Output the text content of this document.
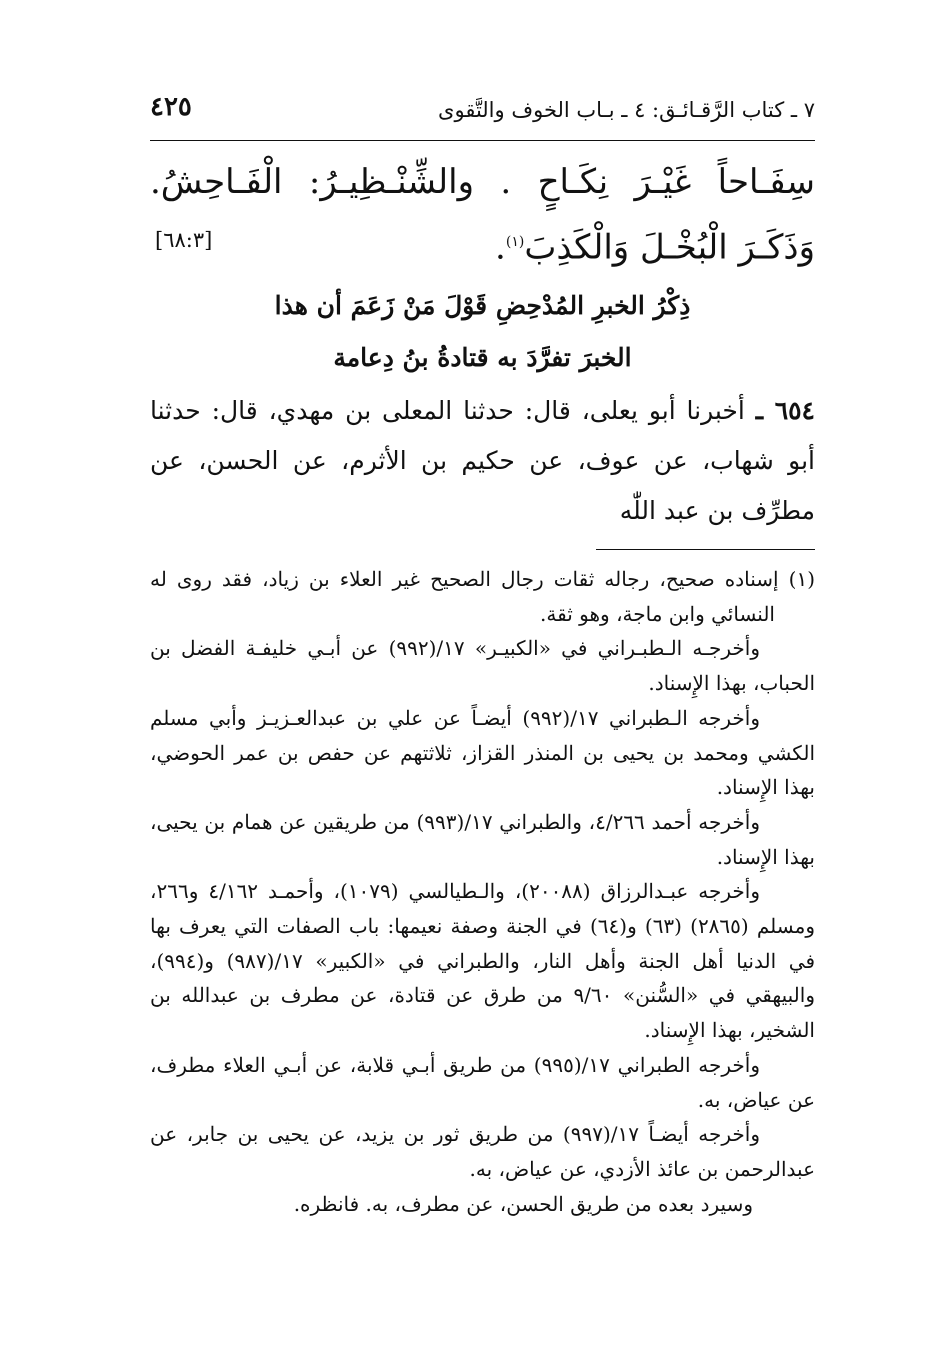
٤٢٥	٧ ـ كتاب الرَّقـائـق: ٤ ـ بـاب الخوف والتَّقوى
سِفَـاحاً غَيْـرَ نِكَـاحٍ . والشِّنْـظِيـرُ: الْفَـاحِشُ. وَذَكَـرَ الْبُخْـلَ وَالْكَذِبَ$^{(١)}$.
[٦٨:٣]
ذِكْرُ الخبرِ المُدْحِضِ قَوْلَ مَنْ زَعَمَ أن هذا
الخبرَ تفرَّدَ به قتادةُ بنُ دِعامة
٦٥٤ ـ أخبرنا أبو يعلى، قال: حدثنا المعلى بن مهدي، قال: حدثنا أبو شهاب، عن عوف، عن حكيم بن الأثرم، عن الحسن، عن مطرِّف بن عبد اللّٰه

(١) إسناده صحيح، رجاله ثقات رجال الصحيح غير العلاء بن زياد، فقد روى له النسائي وابن ماجة، وهو ثقة.

وأخرجـه الـطبـراني في «الكبيـر» ١٧/(٩٩٢) عن أبـي خليفـة الفضل بن الحباب، بهذا الإِسناد.

وأخرجه الـطبراني ١٧/(٩٩٢) أيضـاً عن علي بن عبدالعـزيـز وأبي مسلم الكشي ومحمد بن يحيى بن المنذر القزاز، ثلاثتهم عن حفص بن عمر الحوضي، بهذا الإِسناد.

وأخرجه أحمد ٤/٢٦٦، والطبراني ١٧/(٩٩٣) من طريقين عن همام بن يحيى، بهذا الإِسناد.

وأخرجه عبـدالرزاق (٢٠٠٨٨)، والـطيالسي (١٠٧٩)، وأحمـد ٤/١٦٢ و٢٦٦، ومسلم (٢٨٦٥) (٦٣) و(٦٤) في الجنة وصفة نعيمها: باب الصفات التي يعرف بها في الدنيا أهل الجنة وأهل النار، والطبراني في «الكبير» ١٧/(٩٨٧) و(٩٩٤)، والبيهقي في «السُّنن» ٩/٦٠ من طرق عن قتادة، عن مطرف بن عبدالله بن الشخير، بهذا الإِسناد.

وأخرجه الطبراني ١٧/(٩٩٥) من طريق أبـي قلابة، عن أبـي العلاء مطرف، عن عياض، به.

وأخرجه أيضـاً ١٧/(٩٩٧) من طريق ثور بن يزيد، عن يحيى بن جابر، عن عبدالرحمن بن عائذ الأزدي، عن عياض، به.

وسيرد بعده من طريق الحسن، عن مطرف، به. فانظره.
